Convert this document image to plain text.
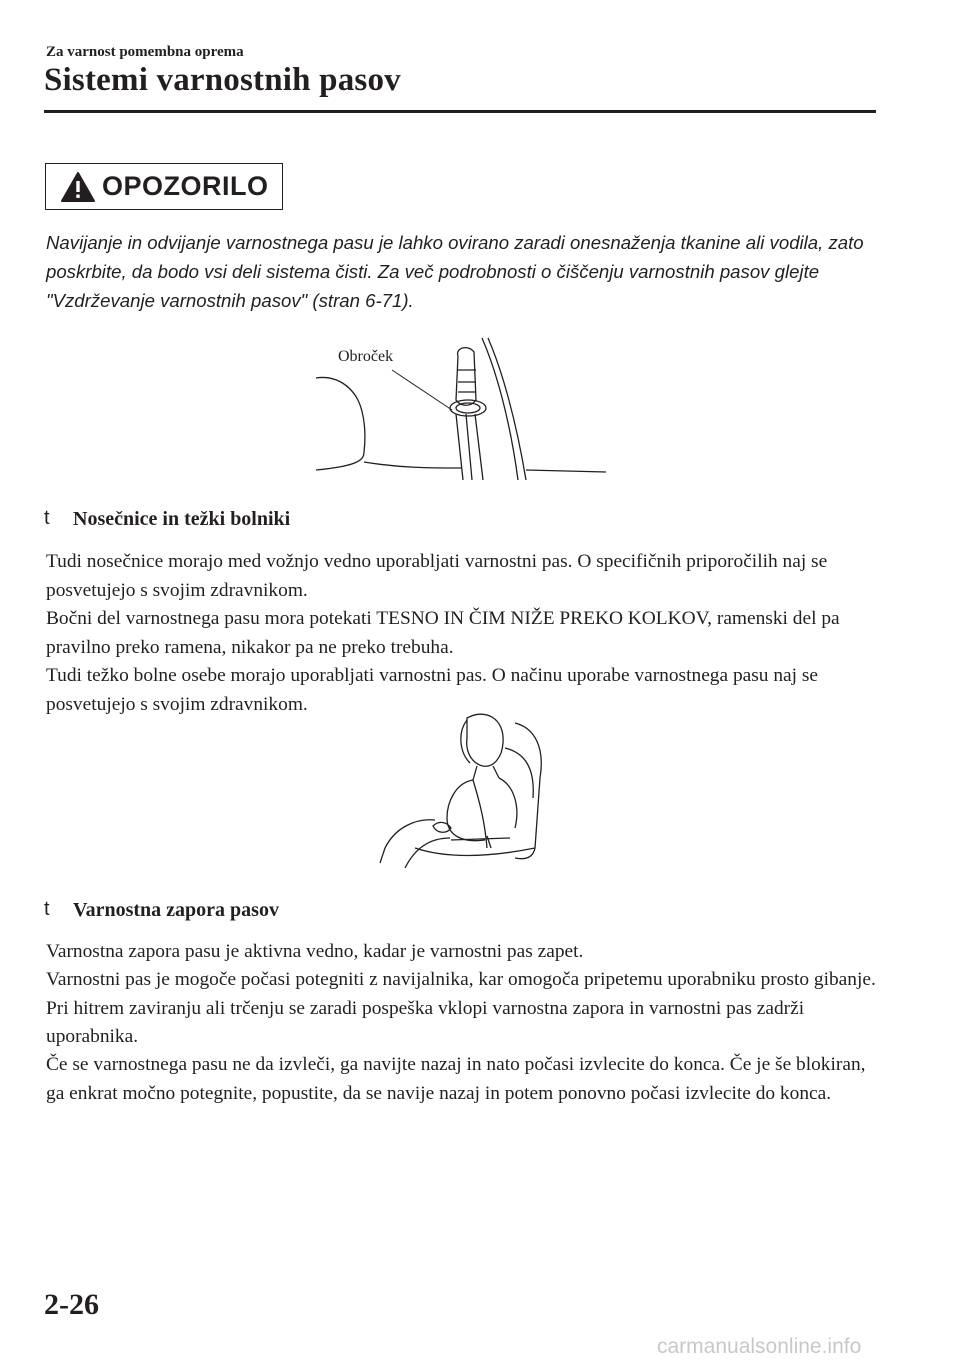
Za varnost pomembna oprema
Sistemi varnostnih pasov
OPOZORILO
Navijanje in odvijanje varnostnega pasu je lahko ovirano zaradi onesnaženja tkanine ali vodila, zato poskrbite, da bodo vsi deli sistema čisti. Za več podrobnosti o čiščenju varnostnih pasov glejte "Vzdrževanje varnostnih pasov" (stran 6-71).
Obroček
t Nosečnice in težki bolniki
Tudi nosečnice morajo med vožnjo vedno uporabljati varnostni pas. O specifičnih priporočilih naj se posvetujejo s svojim zdravnikom.
Bočni del varnostnega pasu mora potekati TESNO IN ČIM NIŽE PREKO KOLKOV, ramenski del pa pravilno preko ramena, nikakor pa ne preko trebuha.
Tudi težko bolne osebe morajo uporabljati varnostni pas. O načinu uporabe varnostnega pasu naj se posvetujejo s svojim zdravnikom.
t Varnostna zapora pasov
Varnostna zapora pasu je aktivna vedno, kadar je varnostni pas zapet.
Varnostni pas je mogoče počasi potegniti z navijalnika, kar omogoča pripetemu uporabniku prosto gibanje. Pri hitrem zaviranju ali trčenju se zaradi pospeška vklopi varnostna zapora in varnostni pas zadrži uporabnika.
Če se varnostnega pasu ne da izvleči, ga navijte nazaj in nato počasi izvlecite do konca. Če je še blokiran, ga enkrat močno potegnite, popustite, da se navije nazaj in potem ponovno počasi izvlecite do konca.
2-26
carmanualsonline.info
